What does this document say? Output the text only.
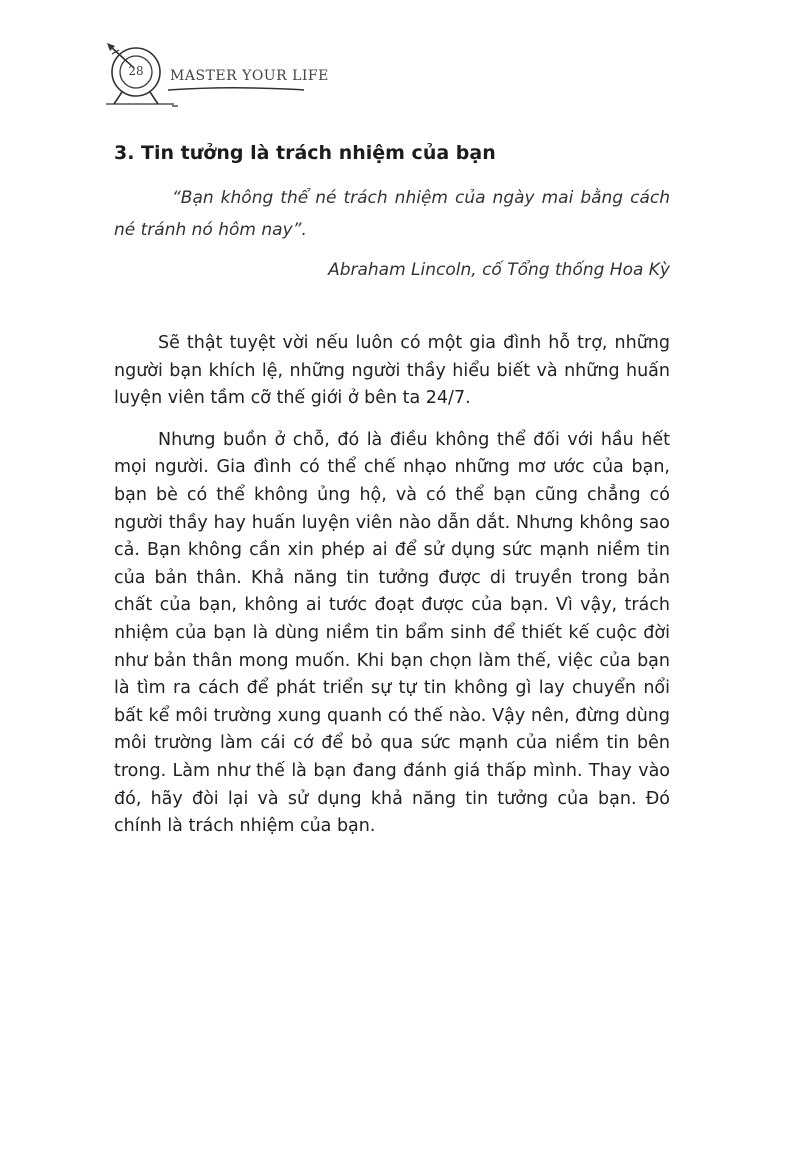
28	MASTER YOUR LIFE
3. Tin tưởng là trách nhiệm của bạn

“Bạn không thể né trách nhiệm của ngày mai bằng cách né tránh nó hôm nay”.

Abraham Lincoln, cố Tổng thống Hoa Kỳ

Sẽ thật tuyệt vời nếu luôn có một gia đình hỗ trợ, những người bạn khích lệ, những người thầy hiểu biết và những huấn luyện viên tầm cỡ thế giới ở bên ta 24/7.

Nhưng buồn ở chỗ, đó là điều không thể đối với hầu hết mọi người. Gia đình có thể chế nhạo những mơ ước của bạn, bạn bè có thể không ủng hộ, và có thể bạn cũng chẳng có người thầy hay huấn luyện viên nào dẫn dắt. Nhưng không sao cả. Bạn không cần xin phép ai để sử dụng sức mạnh niềm tin của bản thân. Khả năng tin tưởng được di truyền trong bản chất của bạn, không ai tước đoạt được của bạn. Vì vậy, trách nhiệm của bạn là dùng niềm tin bẩm sinh để thiết kế cuộc đời như bản thân mong muốn. Khi bạn chọn làm thế, việc của bạn là tìm ra cách để phát triển sự tự tin không gì lay chuyển nổi bất kể môi trường xung quanh có thế nào. Vậy nên, đừng dùng môi trường làm cái cớ để bỏ qua sức mạnh của niềm tin bên trong. Làm như thế là bạn đang đánh giá thấp mình. Thay vào đó, hãy đòi lại và sử dụng khả năng tin tưởng của bạn. Đó chính là trách nhiệm của bạn.
